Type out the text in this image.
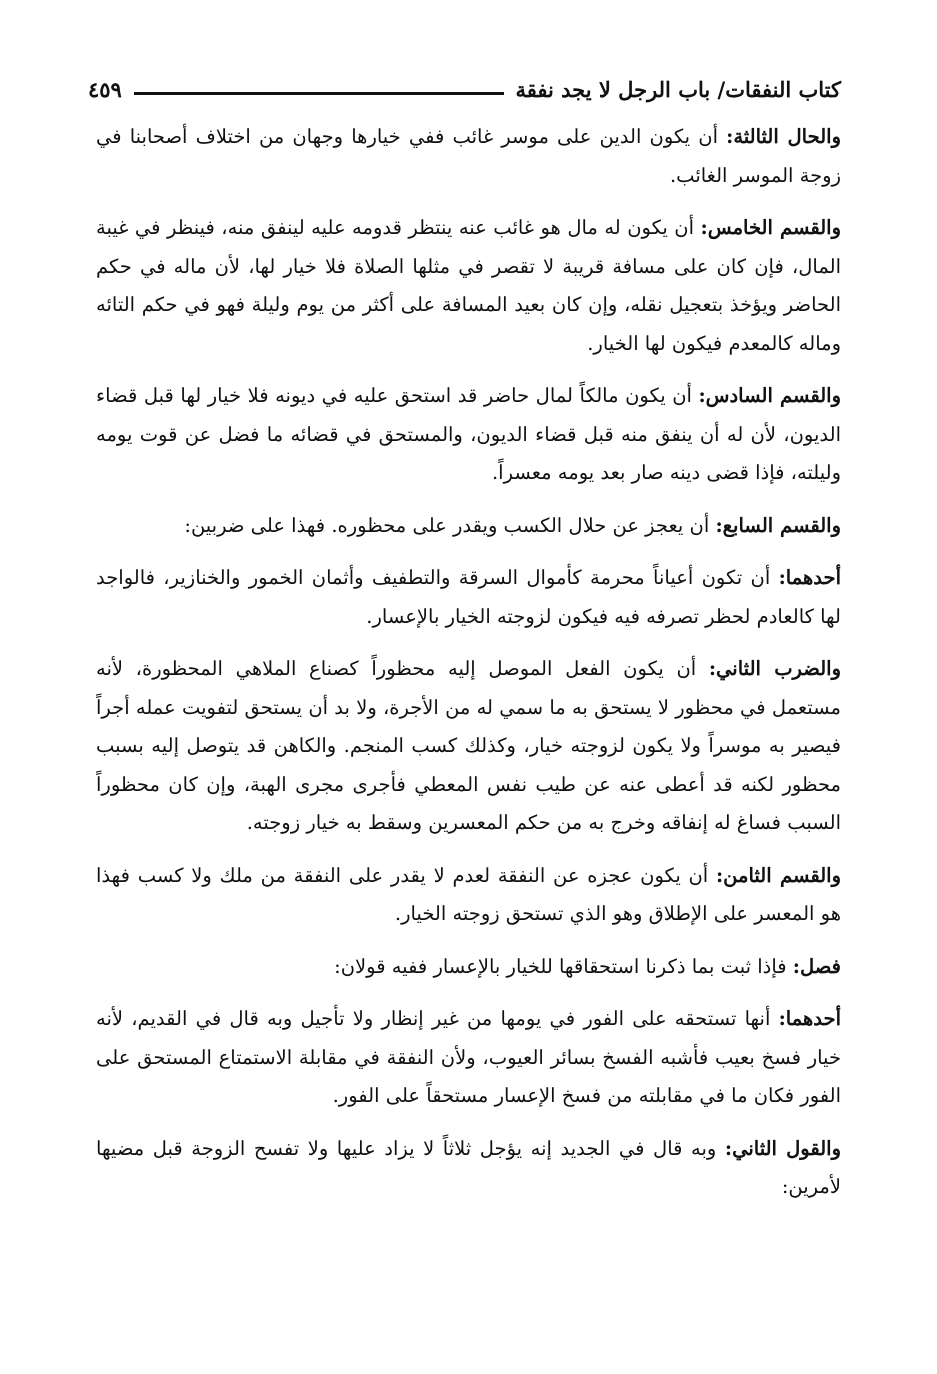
كتاب النفقات/ باب الرجل لا يجد نفقة
٤٥٩

والحال الثالثة: أن يكون الدين على موسر غائب ففي خيارها وجهان من اختلاف أصحابنا في زوجة الموسر الغائب.

والقسم الخامس: أن يكون له مال هو غائب عنه ينتظر قدومه عليه لينفق منه، فينظر في غيبة المال، فإن كان على مسافة قريبة لا تقصر في مثلها الصلاة فلا خيار لها، لأن ماله في حكم الحاضر ويؤخذ بتعجيل نقله، وإن كان بعيد المسافة على أكثر من يوم وليلة فهو في حكم التائه وماله كالمعدم فيكون لها الخيار.

والقسم السادس: أن يكون مالكاً لمال حاضر قد استحق عليه في ديونه فلا خيار لها قبل قضاء الديون، لأن له أن ينفق منه قبل قضاء الديون، والمستحق في قضائه ما فضل عن قوت يومه وليلته، فإذا قضى دينه صار بعد يومه معسراً.

والقسم السابع: أن يعجز عن حلال الكسب ويقدر على محظوره. فهذا على ضربين:

أحدهما: أن تكون أعياناً محرمة كأموال السرقة والتطفيف وأثمان الخمور والخنازير، فالواجد لها كالعادم لحظر تصرفه فيه فيكون لزوجته الخيار بالإعسار.

والضرب الثاني: أن يكون الفعل الموصل إليه محظوراً كصناع الملاهي المحظورة، لأنه مستعمل في محظور لا يستحق به ما سمي له من الأجرة، ولا بد أن يستحق لتفويت عمله أجراً فيصير به موسراً ولا يكون لزوجته خيار، وكذلك كسب المنجم. والكاهن قد يتوصل إليه بسبب محظور لكنه قد أعطى عنه عن طيب نفس المعطي فأجرى مجرى الهبة، وإن كان محظوراً السبب فساغ له إنفاقه وخرج به من حكم المعسرين وسقط به خيار زوجته.

والقسم الثامن: أن يكون عجزه عن النفقة لعدم لا يقدر على النفقة من ملك ولا كسب فهذا هو المعسر على الإطلاق وهو الذي تستحق زوجته الخيار.

فصل: فإذا ثبت بما ذكرنا استحقاقها للخيار بالإعسار ففيه قولان:

أحدهما: أنها تستحقه على الفور في يومها من غير إنظار ولا تأجيل وبه قال في القديم، لأنه خيار فسخ بعيب فأشبه الفسخ بسائر العيوب، ولأن النفقة في مقابلة الاستمتاع المستحق على الفور فكان ما في مقابلته من فسخ الإعسار مستحقاً على الفور.

والقول الثاني: وبه قال في الجديد إنه يؤجل ثلاثاً لا يزاد عليها ولا تفسح الزوجة قبل مضيها لأمرين:
